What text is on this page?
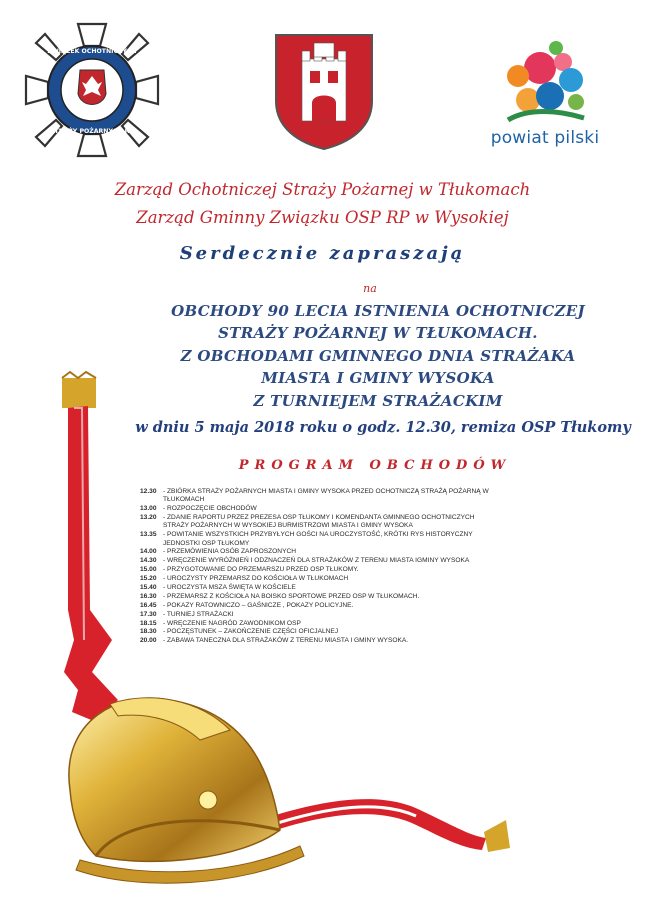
ZWIĄZEK OCHOTNICZYCH
STRAŻY POŻARNYCH RP	powiat pilski
Zarząd Ochotniczej Straży Pożarnej w Tłukomach
Zarząd Gminny Związku OSP RP w Wysokiej
Serdecznie zapraszają
na
OBCHODY 90 LECIA ISTNIENIA OCHOTNICZEJ
STRAŻY POŻARNEJ W TŁUKOMACH.
Z OBCHODAMI GMINNEGO DNIA STRAŻAKA
MIASTA I GMINY WYSOKA
Z TURNIEJEM STRAŻACKIM
w dniu 5 maja 2018 roku o godz. 12.30, remiza OSP Tłukomy
PROGRAM OBCHODÓW
12.30 - ZBIÓRKA STRAŻY POŻARNYCH MIASTA I GMINY WYSOKA PRZED OCHOTNICZĄ STRAŻĄ POŻARNĄ W TŁUKOMACH
13.00 - ROZPOCZĘCIE OBCHODÓW
13.20 - ZDANIE RAPORTU PRZEZ PREZESA OSP TŁUKOMY I KOMENDANTA GMINNEGO OCHOTNICZYCH STRAŻY POŻARNYCH W WYSOKIEJ BURMISTRZOWI MIASTA I GMINY WYSOKA
13.35 - POWITANIE WSZYSTKICH PRZYBYŁYCH GOŚCI NA UROCZYSTOŚĆ, KRÓTKI RYS HISTORYCZNY JEDNOSTKI OSP TŁUKOMY
14.00 - PRZEMÓWIENIA OSÓB ZAPROSZONYCH
14.30 - WRĘCZENIE WYRÓŻNIEŃ I ODZNACZEŃ DLA STRAŻAKÓW Z TERENU MIASTA IGMINY WYSOKA
15.00 - PRZYGOTOWANIE DO PRZEMARSZU PRZED OSP TŁUKOMY.
15.20 - UROCZYSTY PRZEMARSZ DO KOŚCIOŁA W TŁUKOMACH
15.40 - UROCZYSTA MSZA ŚWIĘTA W KOŚCIELE
16.30 - PRZEMARSZ Z KOŚCIOŁA NA BOISKO SPORTOWE PRZED OSP W TŁUKOMACH.
16.45 - POKAZY RATOWNICZO – GAŚNICZE , POKAZY POLICYJNE.
17.30 - TURNIEJ STRAŻACKI
18.15 - WRĘCZENIE NAGRÓD ZAWODNIKOM OSP
18.30 - POCZĘSTUNEK – ZAKOŃCZENIE CZĘŚCI OFICJALNEJ
20.00 - ZABAWA TANECZNA DLA STRAŻAKÓW Z TERENU MIASTA I GMINY WYSOKA.
